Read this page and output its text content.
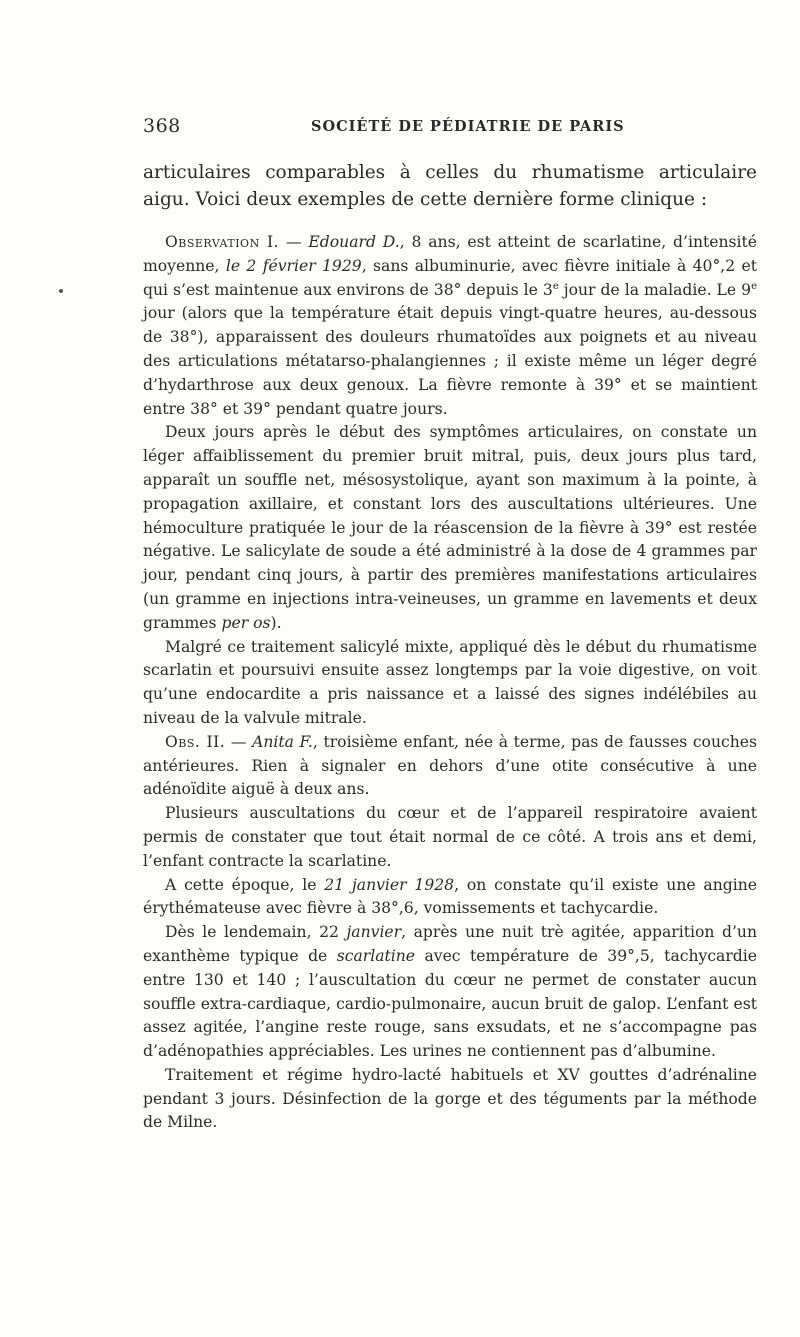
368	SOCIÉTÉ DE PÉDIATRIE DE PARIS
articulaires comparables à celles du rhumatisme articulaire aigu. Voici deux exemples de cette dernière forme clinique :

Observation I. — Edouard D., 8 ans, est atteint de scarlatine, d’intensité moyenne, le 2 février 1929, sans albuminurie, avec fièvre initiale à 40°,2 et qui s’est maintenue aux environs de 38° depuis le 3e jour de la maladie. Le 9e jour (alors que la température était depuis vingt-quatre heures, au-dessous de 38°), apparaissent des douleurs rhumatoïdes aux poignets et au niveau des articulations métatarso-phalangiennes ; il existe même un léger degré d’hydarthrose aux deux genoux. La fièvre remonte à 39° et se maintient entre 38° et 39° pendant quatre jours.

Deux jours après le début des symptômes articulaires, on constate un léger affaiblissement du premier bruit mitral, puis, deux jours plus tard, apparaît un souffle net, mésosystolique, ayant son maximum à la pointe, à propagation axillaire, et constant lors des auscultations ultérieures. Une hémoculture pratiquée le jour de la réascension de la fièvre à 39° est restée négative. Le salicylate de soude a été administré à la dose de 4 grammes par jour, pendant cinq jours, à partir des premières manifestations articulaires (un gramme en injections intra-veineuses, un gramme en lavements et deux grammes per os).

Malgré ce traitement salicylé mixte, appliqué dès le début du rhumatisme scarlatin et poursuivi ensuite assez longtemps par la voie digestive, on voit qu’une endocardite a pris naissance et a laissé des signes indélébiles au niveau de la valvule mitrale.

Obs. II. — Anita F., troisième enfant, née à terme, pas de fausses couches antérieures. Rien à signaler en dehors d’une otite consécutive à une adénoïdite aiguë à deux ans.

Plusieurs auscultations du cœur et de l’appareil respiratoire avaient permis de constater que tout était normal de ce côté. A trois ans et demi, l’enfant contracte la scarlatine.

A cette époque, le 21 janvier 1928, on constate qu’il existe une angine érythémateuse avec fièvre à 38°,6, vomissements et tachycardie.

Dès le lendemain, 22 janvier, après une nuit trè agitée, apparition d’un exanthème typique de scarlatine avec température de 39°,5, tachycardie entre 130 et 140 ; l’auscultation du cœur ne permet de constater aucun souffle extra-cardiaque, cardio-pulmonaire, aucun bruit de galop. L’enfant est assez agitée, l’angine reste rouge, sans exsudats, et ne s’accompagne pas d’adénopathies appréciables. Les urines ne contiennent pas d’albumine.

Traitement et régime hydro-lacté habituels et XV gouttes d’adrénaline pendant 3 jours. Désinfection de la gorge et des téguments par la méthode de Milne.
